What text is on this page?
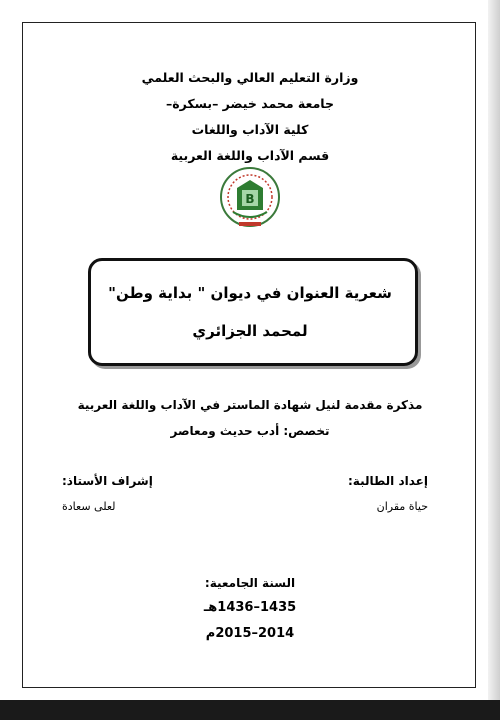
وزارة التعليم العالي والبحث العلمي
جامعة محمد خيضر –بسكرة–
كلية الآداب واللغات
قسم الآداب واللغة العربية
B
شعرية العنوان في ديوان " بداية وطن"
لمحمد الجزائري
مذكرة مقدمة لنيل شهادة الماستر في الآداب واللغة العربية
تخصص: أدب حديث ومعاصر
إعداد الطالبة:
حياة مقران
إشراف الأستاذ:
لعلى سعادة
السنة الجامعية:
1435–1436هـ
2014–2015م
